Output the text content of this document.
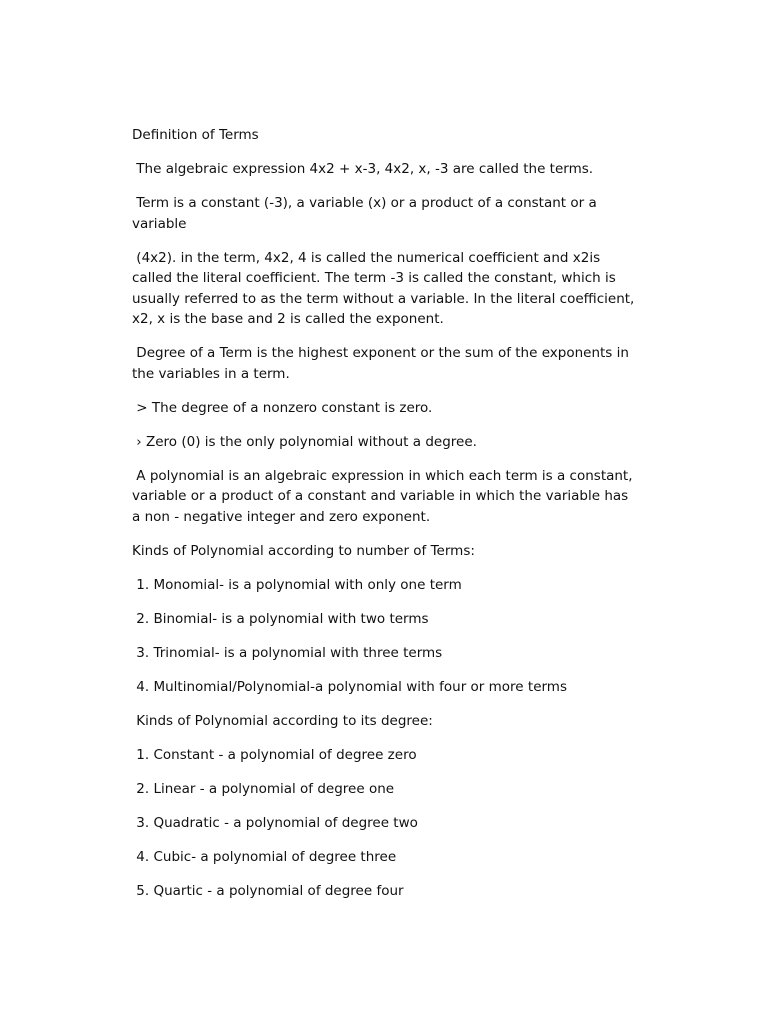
Definition of Terms

The algebraic expression 4x2 + x-3, 4x2, x, -3 are called the terms.

Term is a constant (-3), a variable (x) or a product of a constant or a variable

(4x2). in the term, 4x2, 4 is called the numerical coefficient and x2is called the literal coefficient. The term -3 is called the constant, which is usually referred to as the term without a variable. In the literal coefficient, x2, x is the base and 2 is called the exponent.

Degree of a Term is the highest exponent or the sum of the exponents in the variables in a term.

> The degree of a nonzero constant is zero.

› Zero (0) is the only polynomial without a degree.

A polynomial is an algebraic expression in which each term is a constant, variable or a product of a constant and variable in which the variable has a non - negative integer and zero exponent.

Kinds of Polynomial according to number of Terms:

1. Monomial- is a polynomial with only one term

2. Binomial- is a polynomial with two terms

3. Trinomial- is a polynomial with three terms

4. Multinomial/Polynomial-a polynomial with four or more terms

Kinds of Polynomial according to its degree:

1. Constant - a polynomial of degree zero

2. Linear - a polynomial of degree one

3. Quadratic - a polynomial of degree two

4. Cubic- a polynomial of degree three

5. Quartic - a polynomial of degree four
